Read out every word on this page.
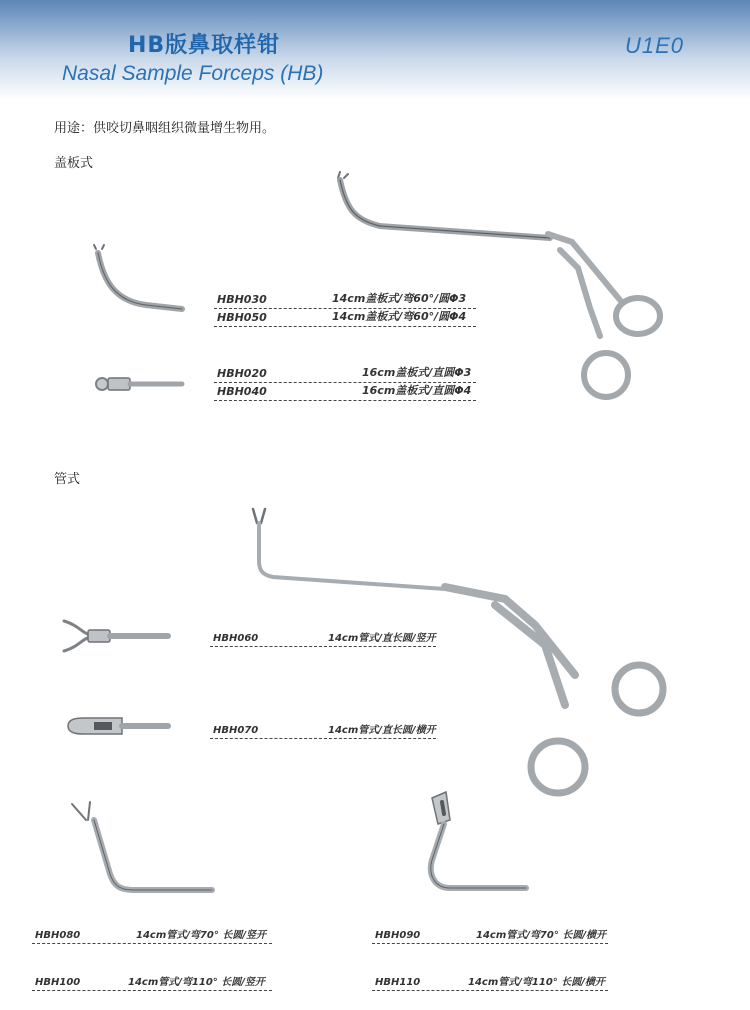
HB版鼻取样钳
Nasal Sample Forceps (HB)
U1E0
用途：供咬切鼻咽组织微量增生物用。
盖板式
HBH030	14cm盖板式/弯60°/圆Φ3
HBH050	14cm盖板式/弯60°/圆Φ4
HBH020	16cm盖板式/直圆Φ3
HBH040	16cm盖板式/直圆Φ4
管式
HBH060	14cm管式/直长圆/竖开
HBH070	14cm管式/直长圆/横开
HBH080	14cm管式/弯70° 长圆/竖开	HBH090	14cm管式/弯70° 长圆/横开
HBH100	14cm管式/弯110° 长圆/竖开	HBH110	14cm管式/弯110° 长圆/横开
